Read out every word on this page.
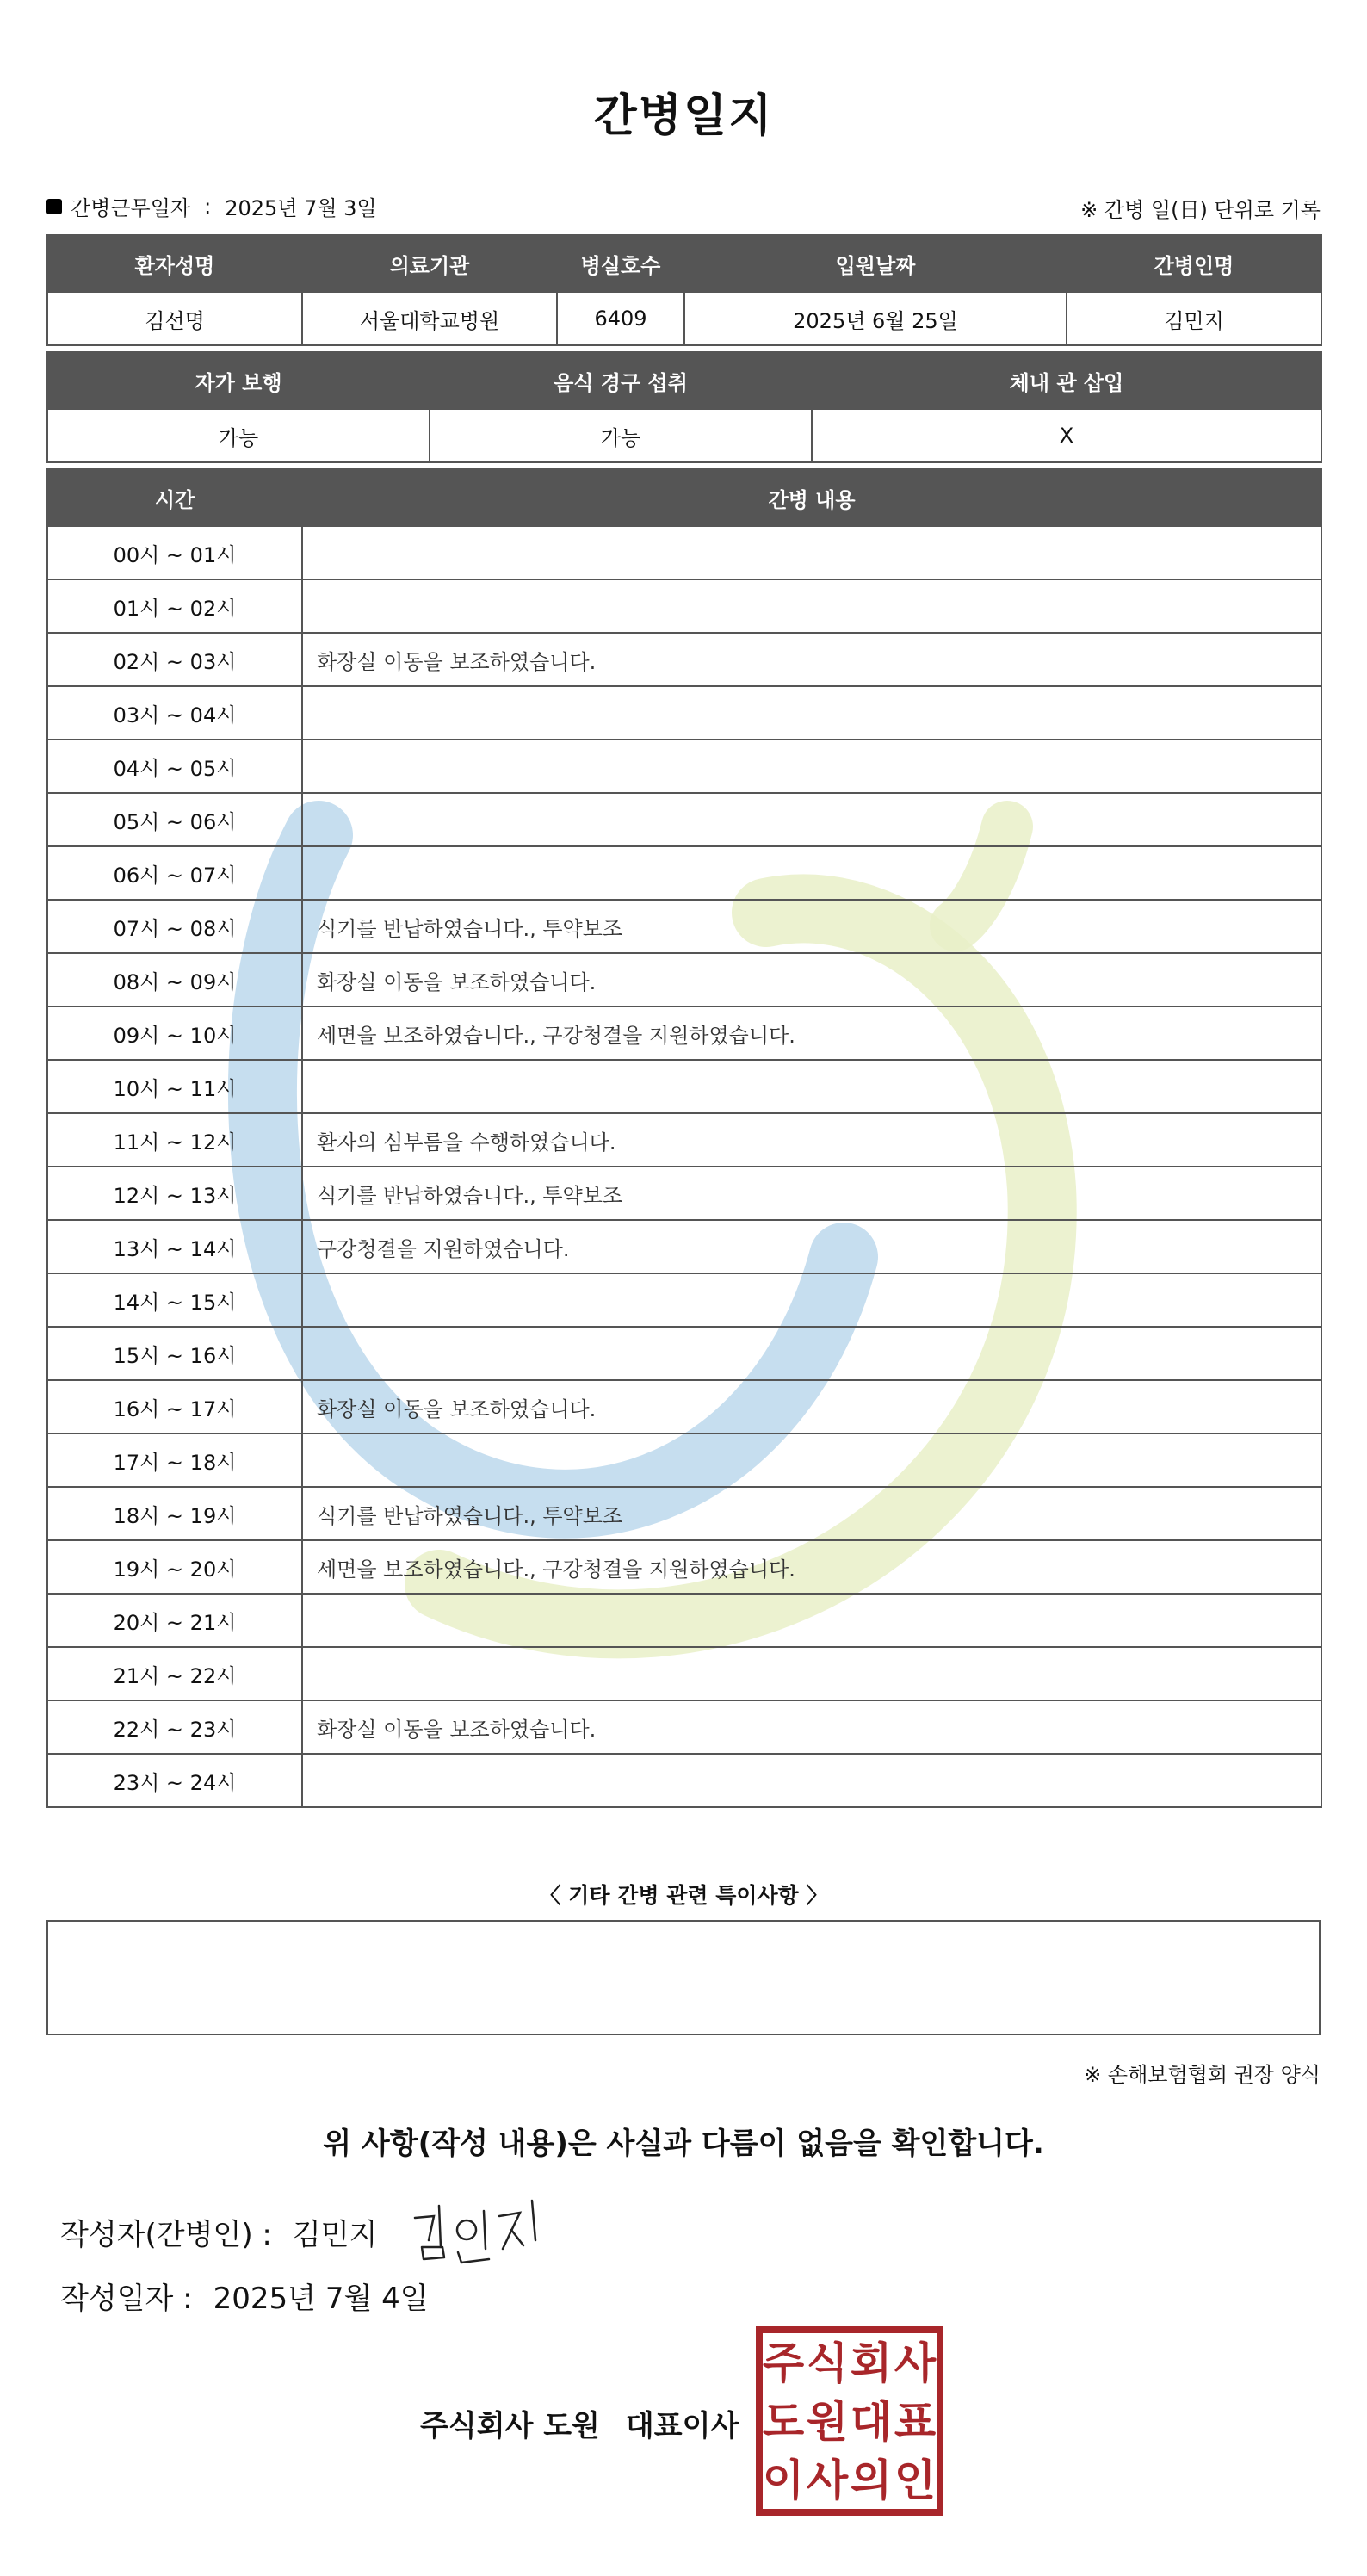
간병일지
간병근무일자 : 2025년 7월 3일	※ 간병 일(日) 단위로 기록
환자성명	의료기관	병실호수	입원날짜	간병인명
김선명	서울대학교병원	6409	2025년 6월 25일	김민지
자가 보행	음식 경구 섭취	체내 관 삽입
가능	가능	X
시간	간병 내용
00시 ~ 01시	
01시 ~ 02시	
02시 ~ 03시	화장실 이동을 보조하였습니다.
03시 ~ 04시	
04시 ~ 05시	
05시 ~ 06시	
06시 ~ 07시	
07시 ~ 08시	식기를 반납하였습니다., 투약보조
08시 ~ 09시	화장실 이동을 보조하였습니다.
09시 ~ 10시	세면을 보조하였습니다., 구강청결을 지원하였습니다.
10시 ~ 11시	
11시 ~ 12시	환자의 심부름을 수행하였습니다.
12시 ~ 13시	식기를 반납하였습니다., 투약보조
13시 ~ 14시	구강청결을 지원하였습니다.
14시 ~ 15시	
15시 ~ 16시	
16시 ~ 17시	화장실 이동을 보조하였습니다.
17시 ~ 18시	
18시 ~ 19시	식기를 반납하였습니다., 투약보조
19시 ~ 20시	세면을 보조하였습니다., 구강청결을 지원하였습니다.
20시 ~ 21시	
21시 ~ 22시	
22시 ~ 23시	화장실 이동을 보조하였습니다.
23시 ~ 24시	
〈 기타 간병 관련 특이사항 〉
※ 손해보험협회 권장 양식
위 사항(작성 내용)은 사실과 다름이 없음을 확인합니다.
작성자(간병인) : 김민지
작성일자 : 2025년 7월 4일
주식회사 도원 대표이사
주 식 회 사
도 원 대 표
이 사 의 인
